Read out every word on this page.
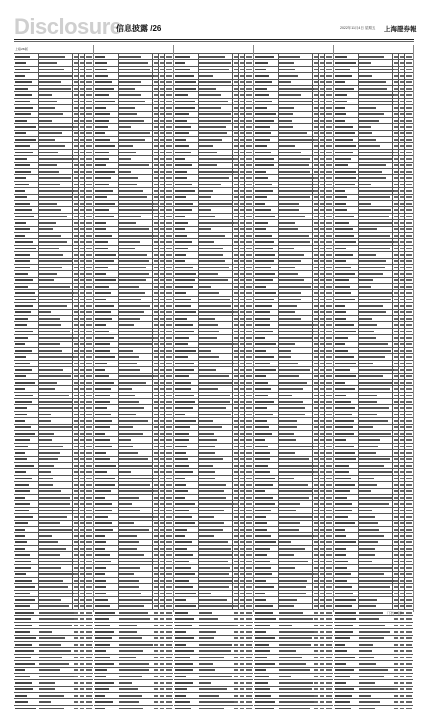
Disclosure
信息披露 /26	2022年11月4日 星期五 上海證券報
上接26版
（下转27版）
